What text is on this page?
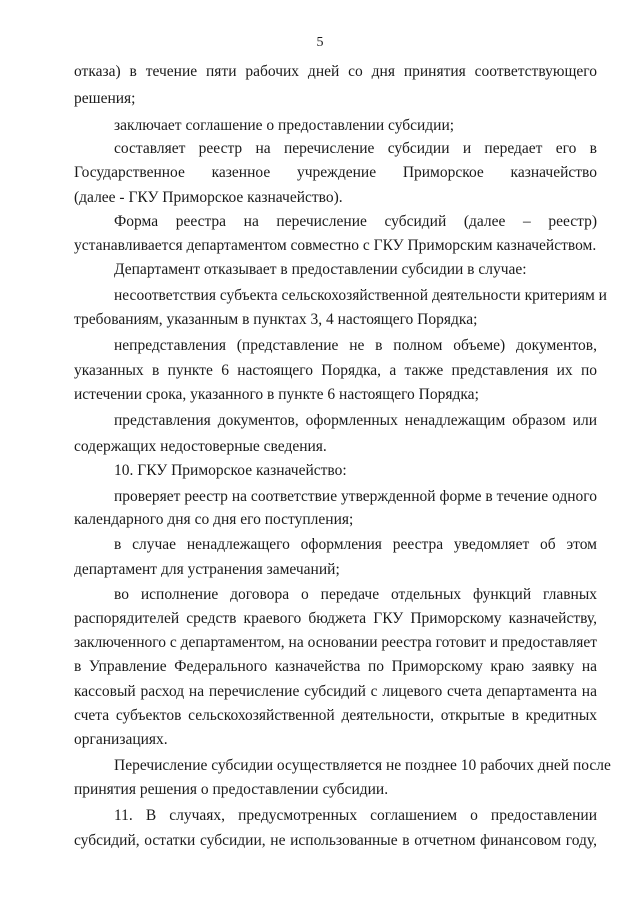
5
отказа) в течение пяти рабочих дней со дня принятия соответствующего
решения;
заключает соглашение о предоставлении субсидии;
составляет реестр на перечисление субсидии и передает его в
Государственное казенное учреждение Приморское казначейство
(далее - ГКУ Приморское казначейство).
Форма реестра на перечисление субсидий (далее – реестр)
устанавливается департаментом совместно с ГКУ Приморским казначейством.
Департамент отказывает в предоставлении субсидии в случае:
несоответствия субъекта сельскохозяйственной деятельности критериям и
требованиям, указанным в пунктах 3, 4 настоящего Порядка;
непредставления (представление не в полном объеме) документов,
указанных в пункте 6 настоящего Порядка, а также представления их по
истечении срока, указанного в пункте 6 настоящего Порядка;
представления документов, оформленных ненадлежащим образом или
содержащих недостоверные сведения.
10. ГКУ Приморское казначейство:
проверяет реестр на соответствие утвержденной форме в течение одного
календарного дня со дня его поступления;
в случае ненадлежащего оформления реестра уведомляет об этом
департамент для устранения замечаний;
во исполнение договора о передаче отдельных функций главных
распорядителей средств краевого бюджета ГКУ Приморскому казначейству,
заключенного с департаментом, на основании реестра готовит и предоставляет
в Управление Федерального казначейства по Приморскому краю заявку на
кассовый расход на перечисление субсидий с лицевого счета департамента на
счета субъектов сельскохозяйственной деятельности, открытые в кредитных
организациях.
Перечисление субсидии осуществляется не позднее 10 рабочих дней после
принятия решения о предоставлении субсидии.
11. В случаях, предусмотренных соглашением о предоставлении
субсидий, остатки субсидии, не использованные в отчетном финансовом году,
